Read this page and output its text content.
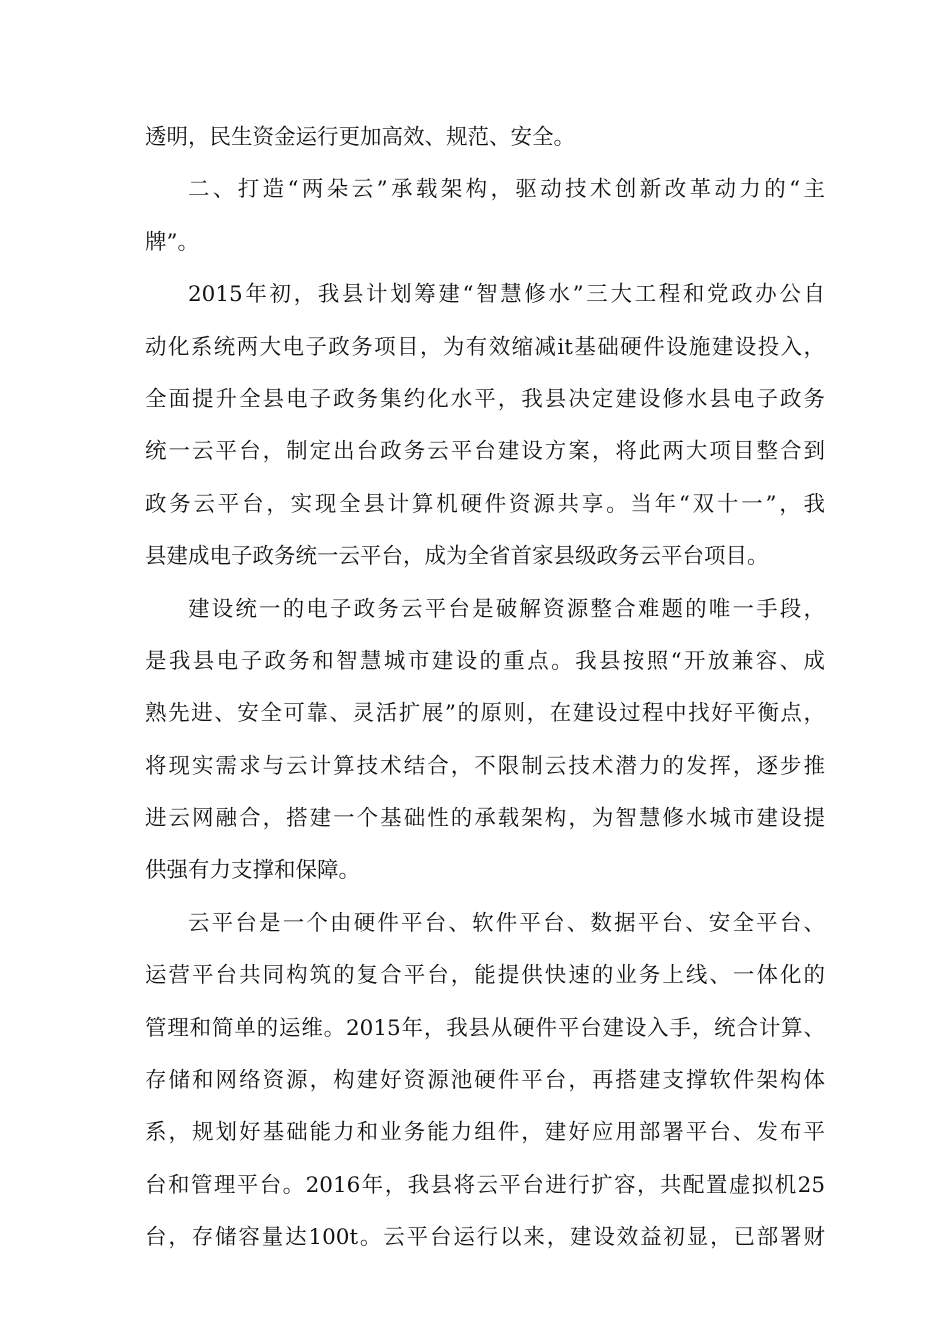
透明，民生资金运行更加高效、规范、安全。
二、打造“两朵云”承载架构，驱动技术创新改革动力的“主
牌”。
2015年初，我县计划筹建“智慧修水”三大工程和党政办公自
动化系统两大电子政务项目，为有效缩减it基础硬件设施建设投入，
全面提升全县电子政务集约化水平，我县决定建设修水县电子政务
统一云平台，制定出台政务云平台建设方案，将此两大项目整合到
政务云平台，实现全县计算机硬件资源共享。当年“双十一”，我
县建成电子政务统一云平台，成为全省首家县级政务云平台项目。
建设统一的电子政务云平台是破解资源整合难题的唯一手段，
是我县电子政务和智慧城市建设的重点。我县按照“开放兼容、成
熟先进、安全可靠、灵活扩展”的原则，在建设过程中找好平衡点，
将现实需求与云计算技术结合，不限制云技术潜力的发挥，逐步推
进云网融合，搭建一个基础性的承载架构，为智慧修水城市建设提
供强有力支撑和保障。
云平台是一个由硬件平台、软件平台、数据平台、安全平台、
运营平台共同构筑的复合平台，能提供快速的业务上线、一体化的
管理和简单的运维。2015年，我县从硬件平台建设入手，统合计算、
存储和网络资源，构建好资源池硬件平台，再搭建支撑软件架构体
系，规划好基础能力和业务能力组件，建好应用部署平台、发布平
台和管理平台。2016年，我县将云平台进行扩容，共配置虚拟机25
台，存储容量达100t。云平台运行以来，建设效益初显，已部署财
